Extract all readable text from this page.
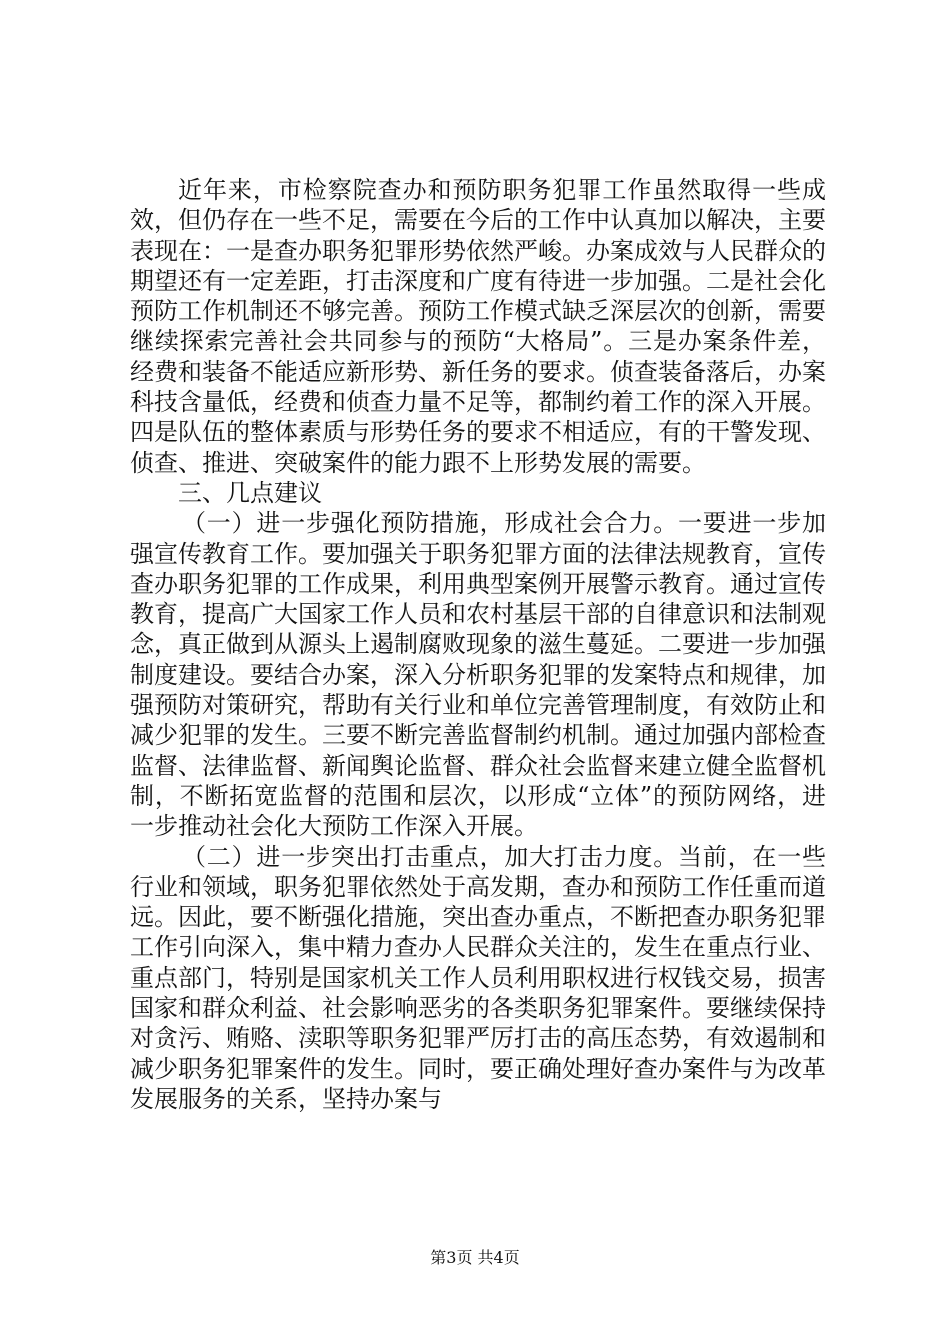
近年来，市检察院查办和预防职务犯罪工作虽然取得一些成效，但仍存在一些不足，需要在今后的工作中认真加以解决，主要表现在：一是查办职务犯罪形势依然严峻。办案成效与人民群众的期望还有一定差距，打击深度和广度有待进一步加强。二是社会化预防工作机制还不够完善。预防工作模式缺乏深层次的创新，需要继续探索完善社会共同参与的预防“大格局”。三是办案条件差，经费和装备不能适应新形势、新任务的要求。侦查装备落后，办案科技含量低，经费和侦查力量不足等，都制约着工作的深入开展。四是队伍的整体素质与形势任务的要求不相适应，有的干警发现、侦查、推进、突破案件的能力跟不上形势发展的需要。

三、几点建议

（一）进一步强化预防措施，形成社会合力。一要进一步加强宣传教育工作。要加强关于职务犯罪方面的法律法规教育，宣传查办职务犯罪的工作成果，利用典型案例开展警示教育。通过宣传教育，提高广大国家工作人员和农村基层干部的自律意识和法制观念，真正做到从源头上遏制腐败现象的滋生蔓延。二要进一步加强制度建设。要结合办案，深入分析职务犯罪的发案特点和规律，加强预防对策研究，帮助有关行业和单位完善管理制度，有效防止和减少犯罪的发生。三要不断完善监督制约机制。通过加强内部检查监督、法律监督、新闻舆论监督、群众社会监督来建立健全监督机制，不断拓宽监督的范围和层次，以形成“立体”的预防网络，进一步推动社会化大预防工作深入开展。

（二）进一步突出打击重点，加大打击力度。当前，在一些行业和领域，职务犯罪依然处于高发期，查办和预防工作任重而道远。因此，要不断强化措施，突出查办重点，不断把查办职务犯罪工作引向深入，集中精力查办人民群众关注的，发生在重点行业、重点部门，特别是国家机关工作人员利用职权进行权钱交易，损害国家和群众利益、社会影响恶劣的各类职务犯罪案件。要继续保持对贪污、贿赂、渎职等职务犯罪严厉打击的高压态势，有效遏制和减少职务犯罪案件的发生。同时，要正确处理好查办案件与为改革发展服务的关系，坚持办案与

第3页 共4页
